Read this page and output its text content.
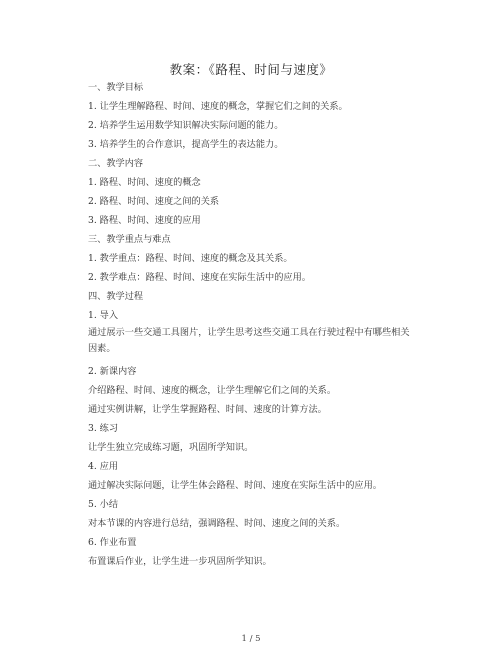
教案：《路程、时间与速度》
一、教学目标
1. 让学生理解路程、时间、速度的概念，掌握它们之间的关系。
2. 培养学生运用数学知识解决实际问题的能力。
3. 培养学生的合作意识，提高学生的表达能力。
二、教学内容
1. 路程、时间、速度的概念
2. 路程、时间、速度之间的关系
3. 路程、时间、速度的应用
三、教学重点与难点
1. 教学重点：路程、时间、速度的概念及其关系。
2. 教学难点：路程、时间、速度在实际生活中的应用。
四、教学过程
1. 导入
通过展示一些交通工具图片，让学生思考这些交通工具在行驶过程中有哪些相关因素。
2. 新课内容
介绍路程、时间、速度的概念，让学生理解它们之间的关系。
通过实例讲解，让学生掌握路程、时间、速度的计算方法。
3. 练习
让学生独立完成练习题，巩固所学知识。
4. 应用
通过解决实际问题，让学生体会路程、时间、速度在实际生活中的应用。
5. 小结
对本节课的内容进行总结，强调路程、时间、速度之间的关系。
6. 作业布置
布置课后作业，让学生进一步巩固所学知识。
1 / 5
